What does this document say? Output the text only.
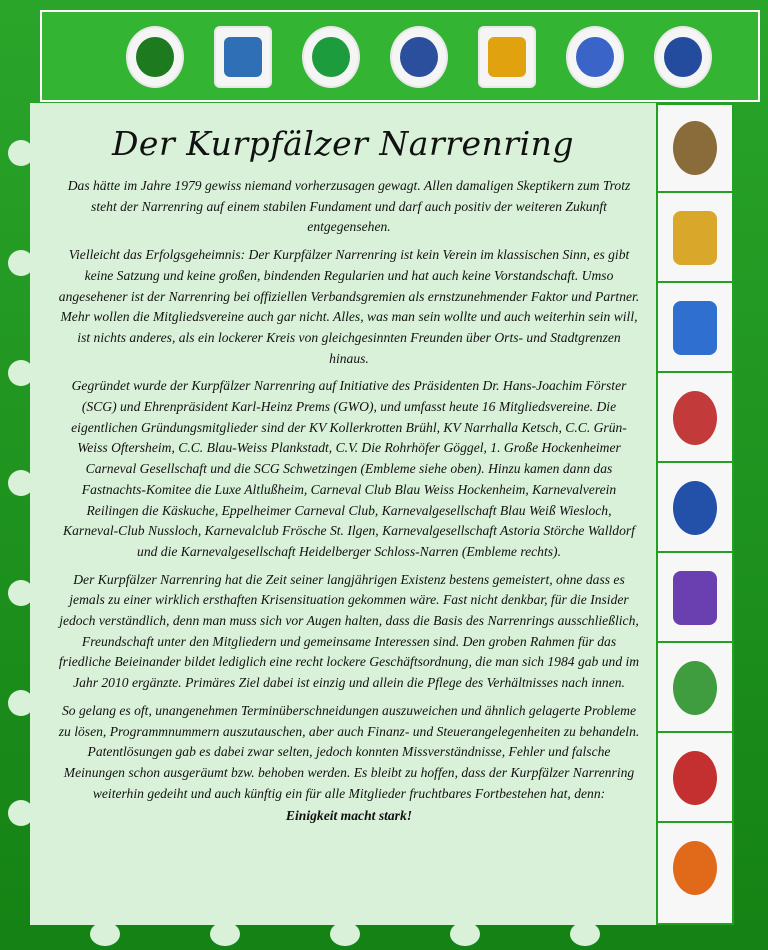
Der Kurpfälzer Narrenring

Das hätte im Jahre 1979 gewiss niemand vorherzusagen gewagt. Allen damaligen Skeptikern zum Trotz steht der Narrenring auf einem stabilen Fundament und darf auch positiv der weiteren Zukunft entgegensehen.

Vielleicht das Erfolgsgeheimnis: Der Kurpfälzer Narrenring ist kein Verein im klassischen Sinn, es gibt keine Satzung und keine großen, bindenden Regularien und hat auch keine Vorstandschaft. Umso angesehener ist der Narrenring bei offiziellen Verbandsgremien als ernstzunehmender Faktor und Partner. Mehr wollen die Mitgliedsvereine auch gar nicht. Alles, was man sein wollte und auch weiterhin sein will, ist nichts anderes, als ein lockerer Kreis von gleichgesinnten Freunden über Orts- und Stadtgrenzen hinaus.

Gegründet wurde der Kurpfälzer Narrenring auf Initiative des Präsidenten Dr. Hans-Joachim Förster (SCG) und Ehrenpräsident Karl-Heinz Prems (GWO), und umfasst heute 16 Mitgliedsvereine. Die eigentlichen Gründungsmitglieder sind der KV Kollerkrotten Brühl, KV Narrhalla Ketsch, C.C. Grün-Weiss Oftersheim, C.C. Blau-Weiss Plankstadt, C.V. Die Rohrhöfer Göggel, 1. Große Hockenheimer Carneval Gesellschaft und die SCG Schwetzingen (Embleme siehe oben). Hinzu kamen dann das Fastnachts-Komitee die Luxe Altlußheim, Carneval Club Blau Weiss Hockenheim, Karnevalverein Reilingen die Käskuche, Eppelheimer Carneval Club, Karnevalgesellschaft Blau Weiß Wiesloch, Karneval-Club Nussloch, Karnevalclub Frösche St. Ilgen, Karnevalgesellschaft Astoria Störche Walldorf und die Karnevalgesellschaft Heidelberger Schloss-Narren (Embleme rechts).

Der Kurpfälzer Narrenring hat die Zeit seiner langjährigen Existenz bestens gemeistert, ohne dass es jemals zu einer wirklich ersthaften Krisensituation gekommen wäre. Fast nicht denkbar, für die Insider jedoch verständlich, denn man muss sich vor Augen halten, dass die Basis des Narrenrings ausschließlich, Freundschaft unter den Mitgliedern und gemeinsame Interessen sind. Den groben Rahmen für das friedliche Beieinander bildet lediglich eine recht lockere Geschäftsordnung, die man sich 1984 gab und im Jahr 2010 ergänzte. Primäres Ziel dabei ist einzig und allein die Pflege des Verhältnisses nach innen.

So gelang es oft, unangenehmen Terminüberschneidungen auszuweichen und ähnlich gelagerte Probleme zu lösen, Programmnummern auszutauschen, aber auch Finanz- und Steuerangelegenheiten zu behandeln. Patentlösungen gab es dabei zwar selten, jedoch konnten Missverständnisse, Fehler und falsche Meinungen schon ausgeräumt bzw. behoben werden. Es bleibt zu hoffen, dass der Kurpfälzer Narrenring weiterhin gedeiht und auch künftig ein für alle Mitglieder fruchtbares Fortbestehen hat, denn:

Einigkeit macht stark!
